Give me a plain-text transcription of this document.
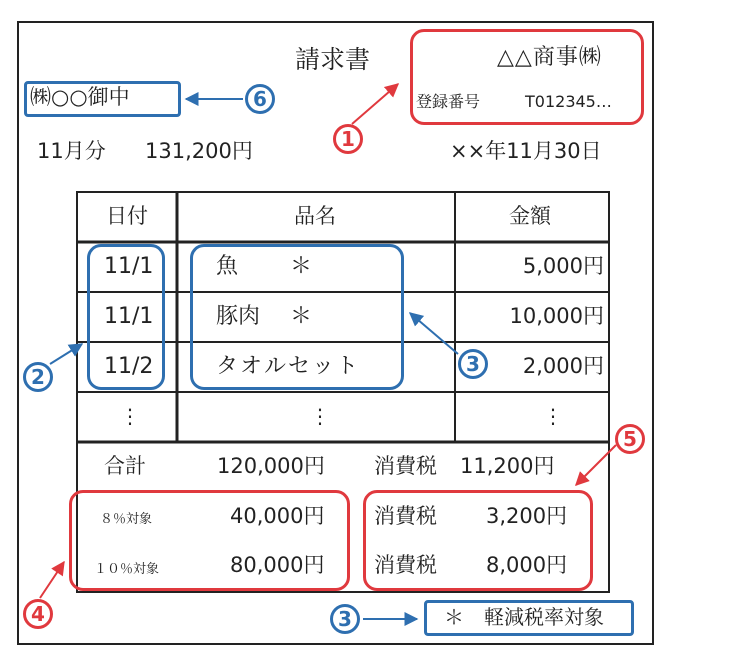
請求書	△△商事㈱
登録番号	T012345…
㈱○○御中	6
1
11月分 131,200円	××年11月30日
日付	品名	金額
11/1	魚 ＊	5,000円
11/1	豚肉 ＊	10,000円
11/2	タオルセット	2,000円
⋮	⋮	⋮
2
3
5
合計	120,000円 消費税 11,200円
８％対象	40,000円 消費税 3,200円
１０％対象	80,000円 消費税 8,000円
4	3	＊　軽減税率対象
